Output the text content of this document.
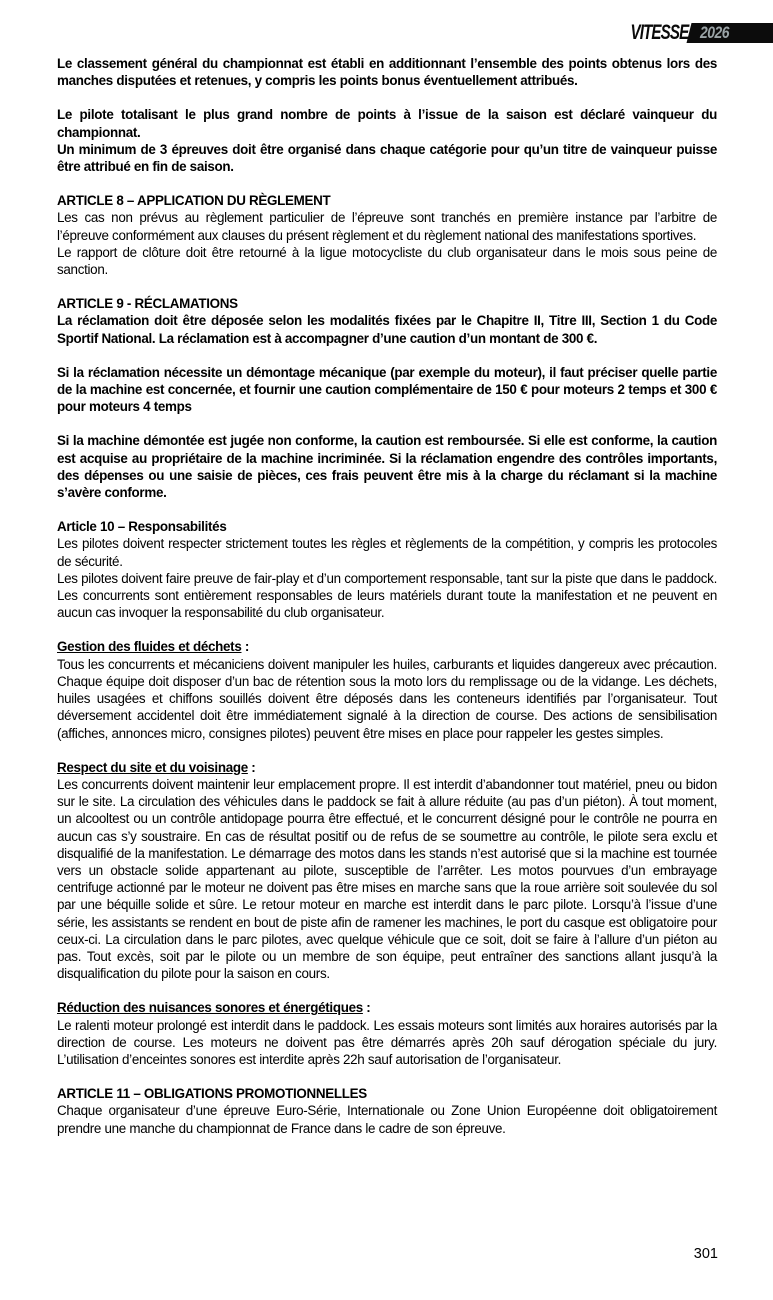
VITESSE 2026
Le classement général du championnat est établi en additionnant l’ensemble des points obtenus lors des manches disputées et retenues, y compris les points bonus éventuellement attribués.
Le pilote totalisant le plus grand nombre de points à l’issue de la saison est déclaré vainqueur du championnat.
Un minimum de 3 épreuves doit être organisé dans chaque catégorie pour qu’un titre de vainqueur puisse être attribué en fin de saison.
ARTICLE 8 – APPLICATION DU RÈGLEMENT
Les cas non prévus au règlement particulier de l’épreuve sont tranchés en première instance par l’arbitre de l’épreuve conformément aux clauses du présent règlement et du règlement national des manifestations sportives.
Le rapport de clôture doit être retourné à la ligue motocycliste du club organisateur dans le mois sous peine de sanction.
ARTICLE 9 - RÉCLAMATIONS
La réclamation doit être déposée selon les modalités fixées par le Chapitre II, Titre III, Section 1 du Code Sportif National. La réclamation est à accompagner d’une caution d’un montant de 300 €.
Si la réclamation nécessite un démontage mécanique (par exemple du moteur), il faut préciser quelle partie de la machine est concernée, et fournir une caution complémentaire de 150 € pour moteurs 2 temps et 300 € pour moteurs 4 temps
Si la machine démontée est jugée non conforme, la caution est remboursée. Si elle est conforme, la caution est acquise au propriétaire de la machine incriminée. Si la réclamation engendre des contrôles importants, des dépenses ou une saisie de pièces, ces frais peuvent être mis à la charge du réclamant si la machine s’avère conforme.
Article 10 – Responsabilités
Les pilotes doivent respecter strictement toutes les règles et règlements de la compétition, y compris les protocoles de sécurité.
Les pilotes doivent faire preuve de fair-play et d’un comportement responsable, tant sur la piste que dans le paddock. Les concurrents sont entièrement responsables de leurs matériels durant toute la manifestation et ne peuvent en aucun cas invoquer la responsabilité du club organisateur.
Gestion des fluides et déchets :
Tous les concurrents et mécaniciens doivent manipuler les huiles, carburants et liquides dangereux avec précaution. Chaque équipe doit disposer d’un bac de rétention sous la moto lors du remplissage ou de la vidange. Les déchets, huiles usagées et chiffons souillés doivent être déposés dans les conteneurs identifiés par l’organisateur. Tout déversement accidentel doit être immédiatement signalé à la direction de course. Des actions de sensibilisation (affiches, annonces micro, consignes pilotes) peuvent être mises en place pour rappeler les gestes simples.
Respect du site et du voisinage :
Les concurrents doivent maintenir leur emplacement propre. Il est interdit d’abandonner tout matériel, pneu ou bidon sur le site. La circulation des véhicules dans le paddock se fait à allure réduite (au pas d’un piéton). À tout moment, un alcooltest ou un contrôle antidopage pourra être effectué, et le concurrent désigné pour le contrôle ne pourra en aucun cas s’y soustraire. En cas de résultat positif ou de refus de se soumettre au contrôle, le pilote sera exclu et disqualifié de la manifestation. Le démarrage des motos dans les stands n’est autorisé que si la machine est tournée vers un obstacle solide appartenant au pilote, susceptible de l’arrêter. Les motos pourvues d’un embrayage centrifuge actionné par le moteur ne doivent pas être mises en marche sans que la roue arrière soit soulevée du sol par une béquille solide et sûre. Le retour moteur en marche est interdit dans le parc pilote. Lorsqu’à l’issue d’une série, les assistants se rendent en bout de piste afin de ramener les machines, le port du casque est obligatoire pour ceux-ci. La circulation dans le parc pilotes, avec quelque véhicule que ce soit, doit se faire à l’allure d’un piéton au pas. Tout excès, soit par le pilote ou un membre de son équipe, peut entraîner des sanctions allant jusqu’à la disqualification du pilote pour la saison en cours.
Réduction des nuisances sonores et énergétiques :
Le ralenti moteur prolongé est interdit dans le paddock. Les essais moteurs sont limités aux horaires autorisés par la direction de course. Les moteurs ne doivent pas être démarrés après 20h sauf dérogation spéciale du jury. L’utilisation d’enceintes sonores est interdite après 22h sauf autorisation de l’organisateur.
ARTICLE 11 – OBLIGATIONS PROMOTIONNELLES
Chaque organisateur d’une épreuve Euro-Série, Internationale ou Zone Union Européenne doit obligatoirement prendre une manche du championnat de France dans le cadre de son épreuve.
301
